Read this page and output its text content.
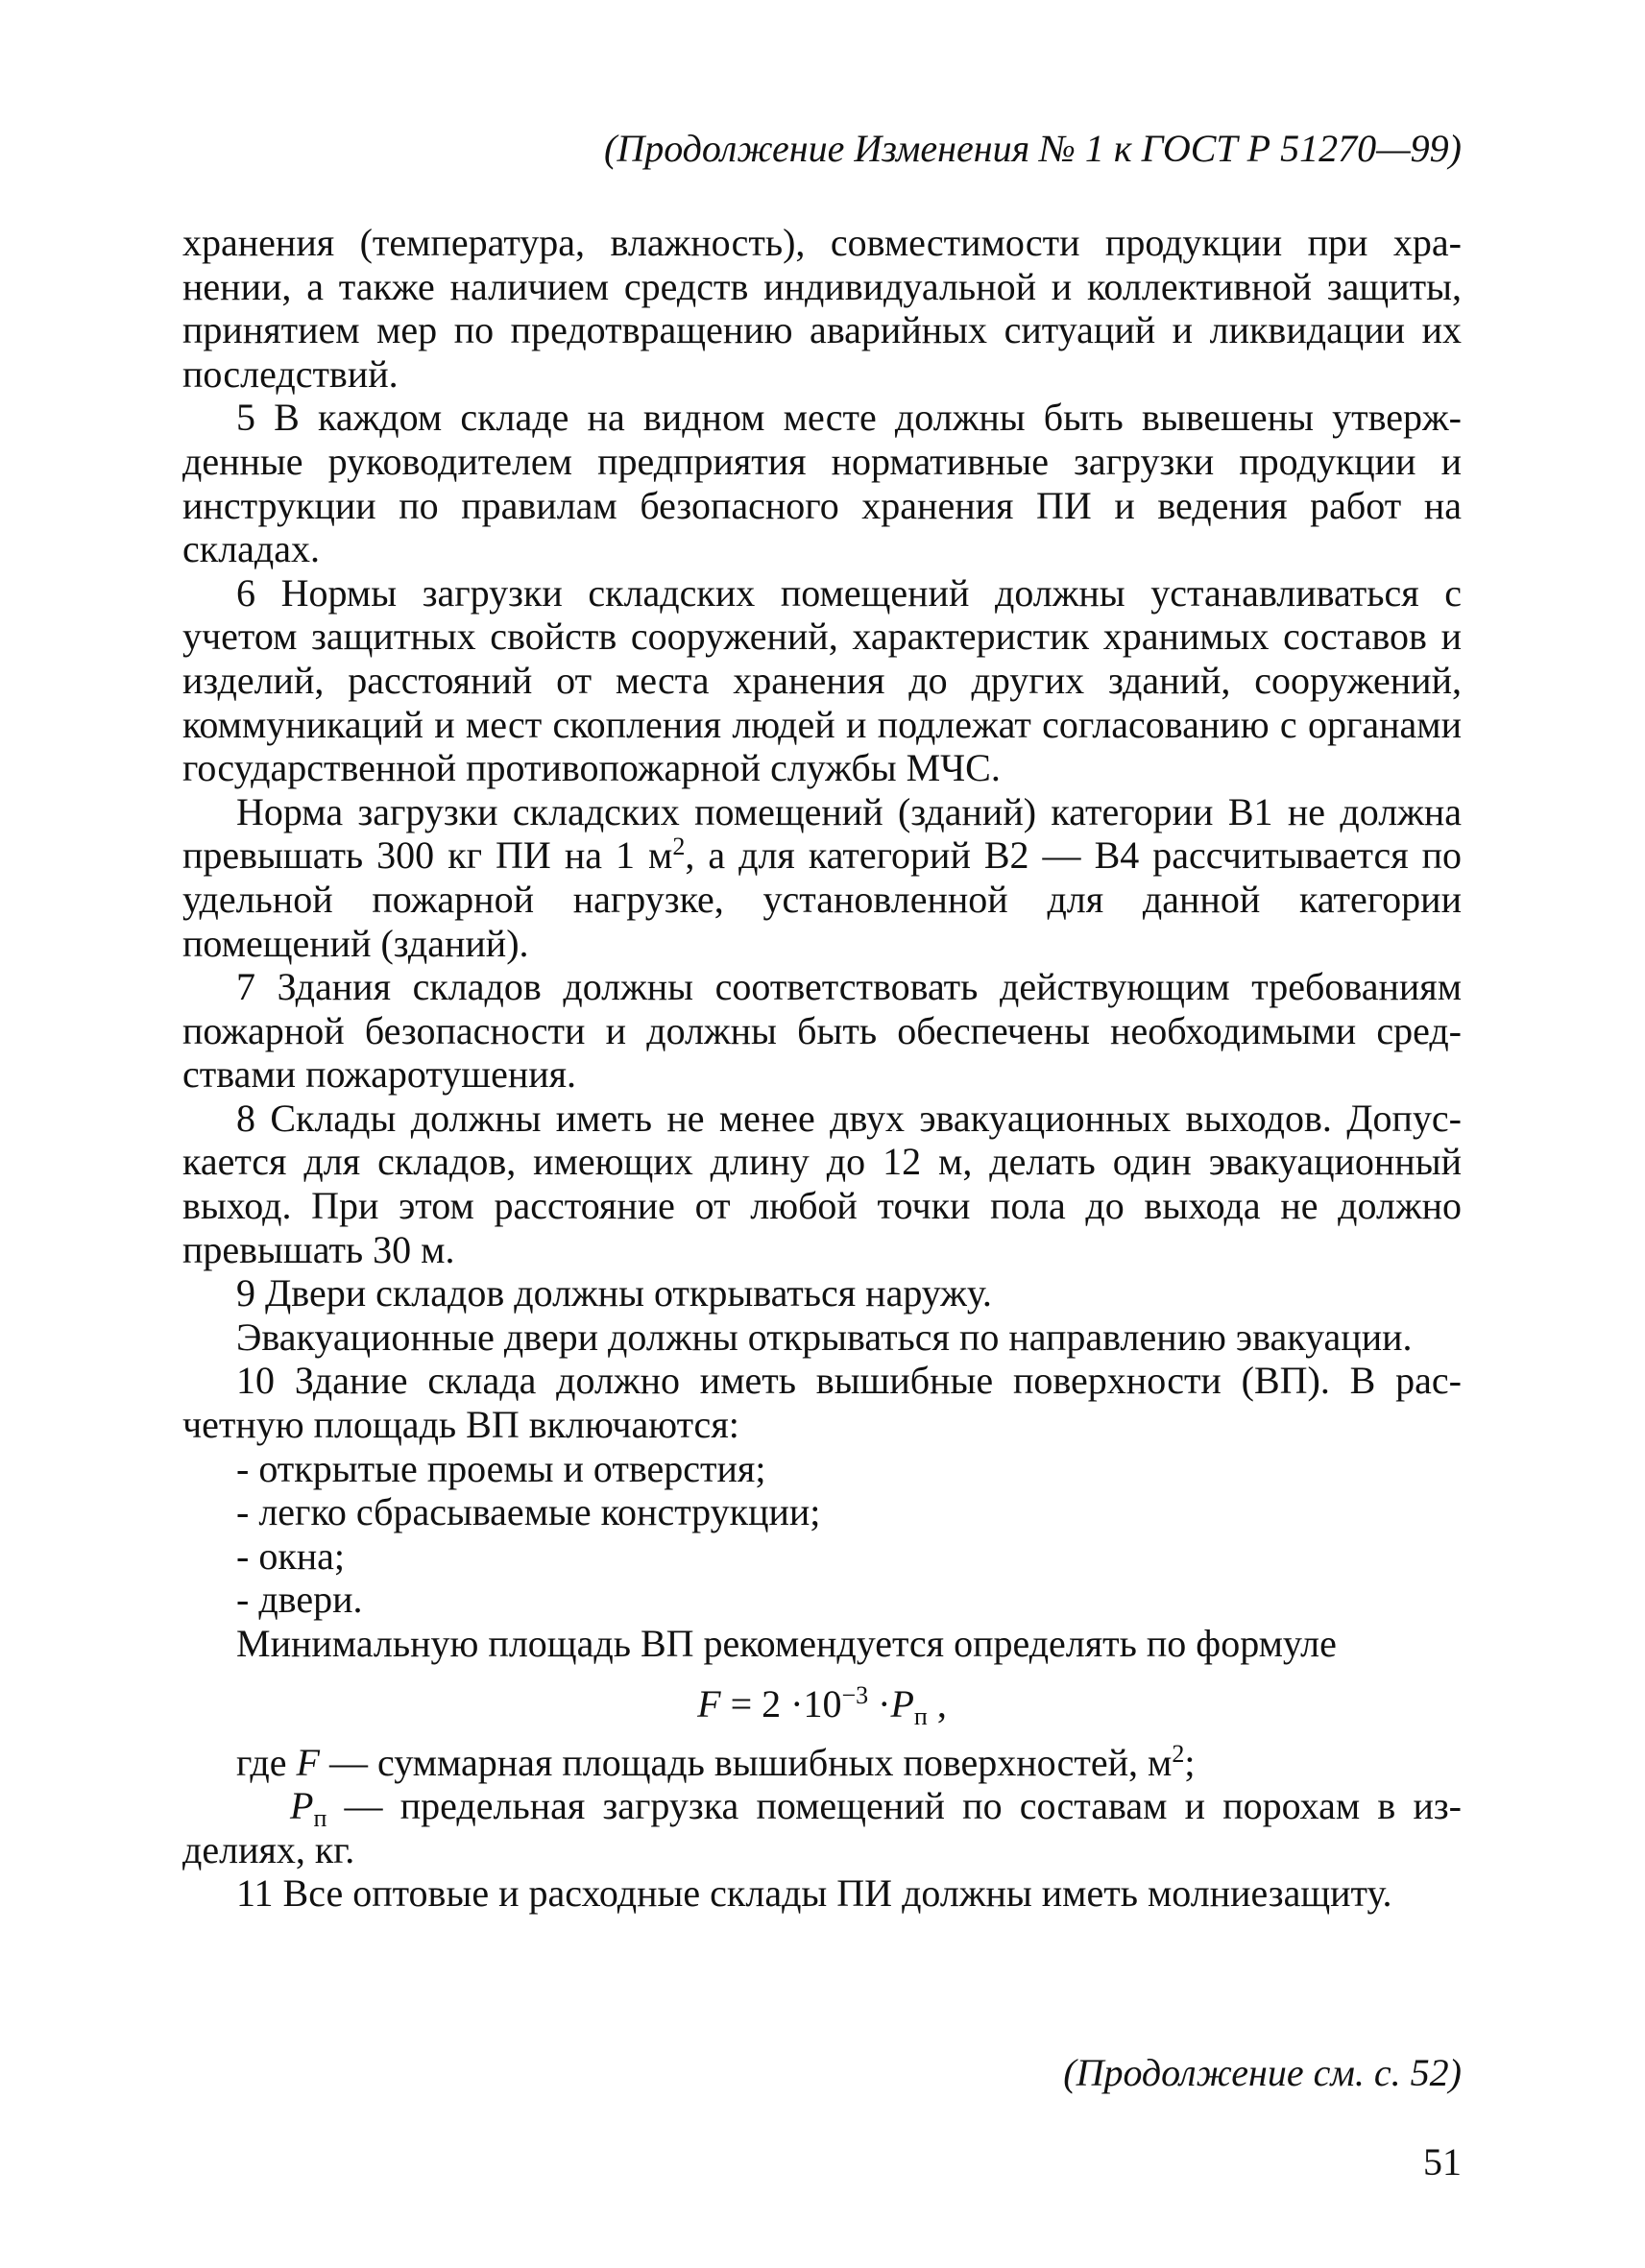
(Продолжение Изменения № 1 к ГОСТ Р 51270—99)

хранения (температура, влажность), совместимости продукции при хранении, а также наличием средств индивидуальной и коллективной защиты, принятием мер по предотвращению аварийных ситуаций и ликвидации их последствий.

5 В каждом складе на видном месте должны быть вывешены утвержденные руководителем предприятия нормативные загрузки продукции и инструкции по правилам безопасного хранения ПИ и ведения работ на складах.

6 Нормы загрузки складских помещений должны устанавливаться с учетом защитных свойств сооружений, характеристик хранимых составов и изделий, расстояний от места хранения до других зданий, сооружений, коммуникаций и мест скопления людей и подлежат согласованию с органами государственной противопожарной службы МЧС.

Норма загрузки складских помещений (зданий) категории В1 не должна превышать 300 кг ПИ на 1 $м^2$, а для категорий В2 — В4 рассчитывается по удельной пожарной нагрузке, установленной для данной категории помещений (зданий).

7 Здания складов должны соответствовать действующим требованиям пожарной безопасности и должны быть обеспечены необходимыми средствами пожаротушения.

8 Склады должны иметь не менее двух эвакуационных выходов. Допускается для складов, имеющих длину до 12 м, делать один эвакуационный выход. При этом расстояние от любой точки пола до выхода не должно превышать 30 м.

9 Двери складов должны открываться наружу.

Эвакуационные двери должны открываться по направлению эвакуации.

10 Здание склада должно иметь вышибные поверхности (ВП). В расчетную площадь ВП включаются:

- открытые проемы и отверстия;

- легко сбрасываемые конструкции;

- окна;

- двери.

Минимальную площадь ВП рекомендуется определять по формуле

$F = 2 \cdot 10^{-3} \cdot P_п$ ,

где F — суммарная площадь вышибных поверхностей, $м^2$;

$P_п$ — предельная загрузка помещений по составам и порохам в изделиях, кг.

11 Все оптовые и расходные склады ПИ должны иметь молниезащиту.

(Продолжение см. с. 52)
51
